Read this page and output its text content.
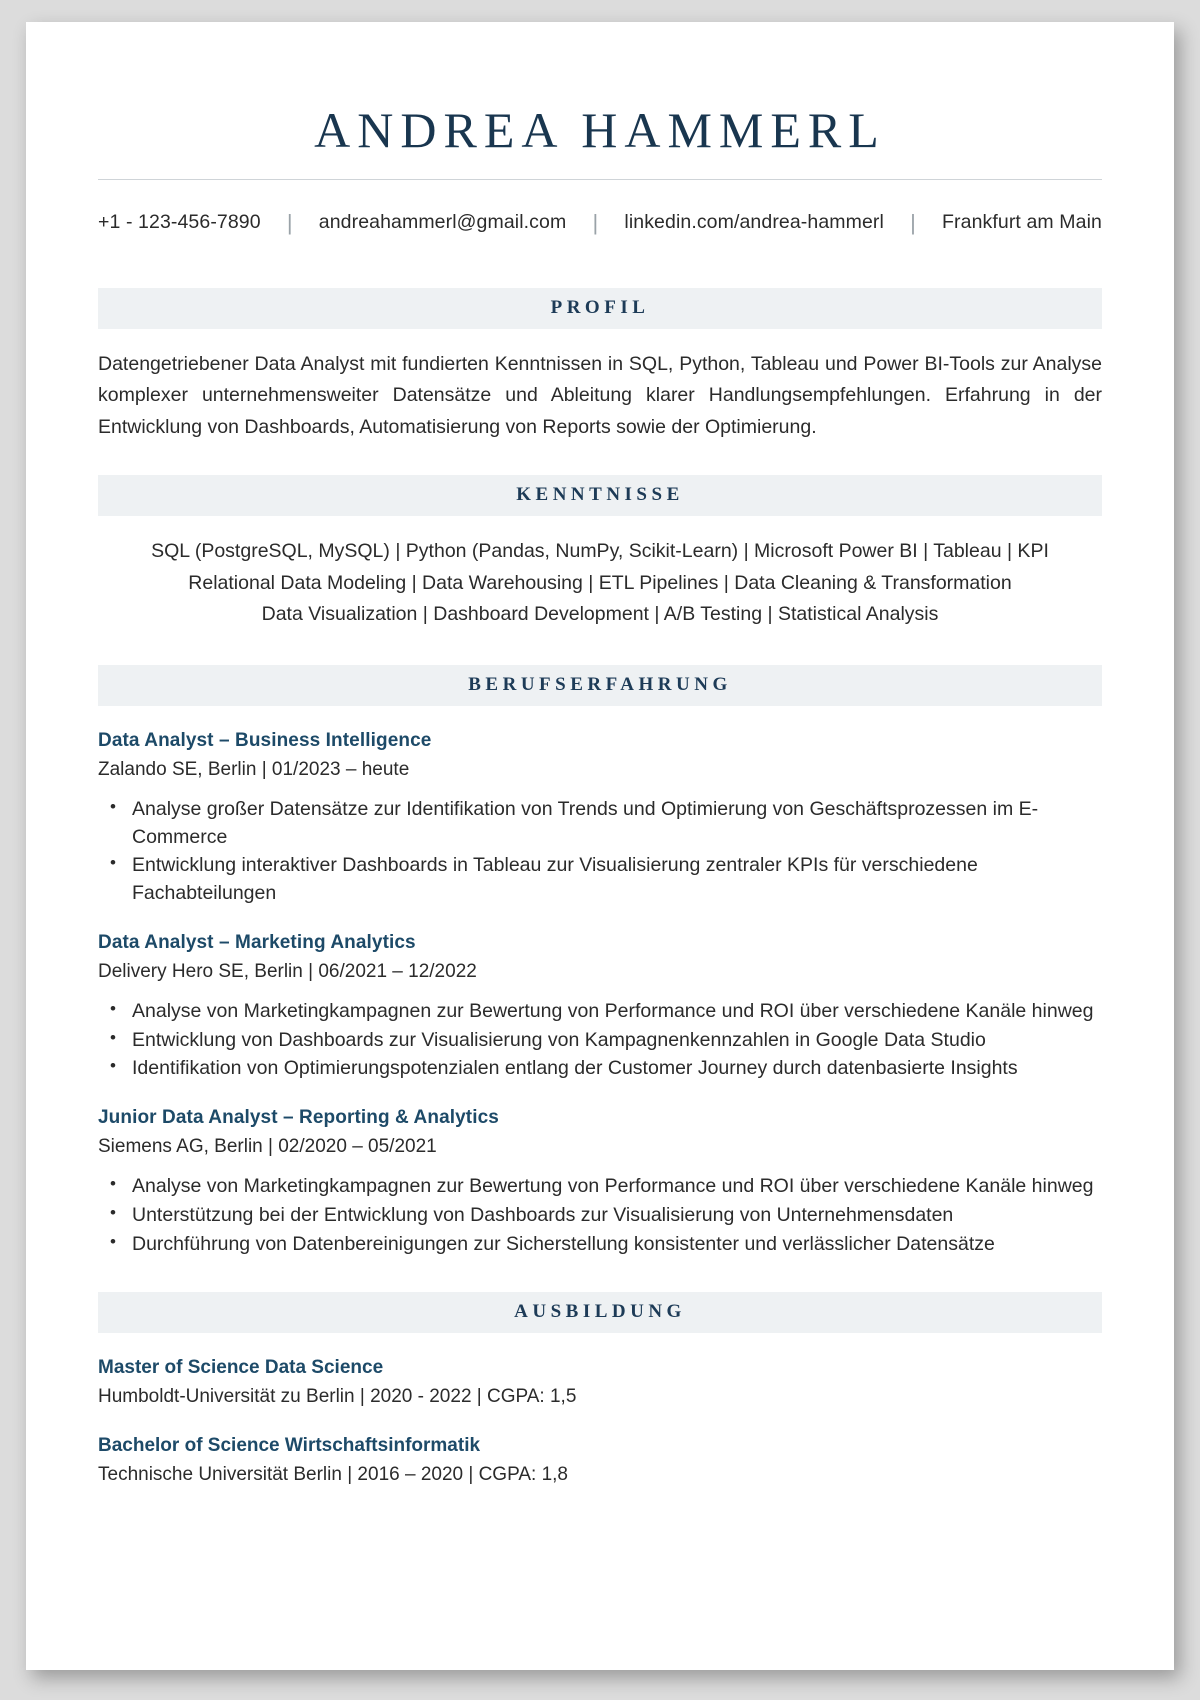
ANDREA HAMMERL
+1 - 123-456-7890 | andreahammerl@gmail.com | linkedin.com/andrea-hammerl | Frankfurt am Main
PROFIL

Datengetriebener Data Analyst mit fundierten Kenntnissen in SQL, Python, Tableau und Power BI-Tools zur Analyse komplexer unternehmensweiter Datensätze und Ableitung klarer Handlungsempfehlungen. Erfahrung in der Entwicklung von Dashboards, Automatisierung von Reports sowie der Optimierung.

KENNTNISSE
SQL (PostgreSQL, MySQL) | Python (Pandas, NumPy, Scikit-Learn) | Microsoft Power BI | Tableau | KPI
Relational Data Modeling | Data Warehousing | ETL Pipelines | Data Cleaning & Transformation
Data Visualization | Dashboard Development | A/B Testing | Statistical Analysis
BERUFSERFAHRUNG
Data Analyst – Business Intelligence
Zalando SE, Berlin | 01/2023 – heute
• Analyse großer Datensätze zur Identifikation von Trends und Optimierung von Geschäftsprozessen im E-Commerce
• Entwicklung interaktiver Dashboards in Tableau zur Visualisierung zentraler KPIs für verschiedene Fachabteilungen
Data Analyst – Marketing Analytics
Delivery Hero SE, Berlin | 06/2021 – 12/2022
• Analyse von Marketingkampagnen zur Bewertung von Performance und ROI über verschiedene Kanäle hinweg
• Entwicklung von Dashboards zur Visualisierung von Kampagnenkennzahlen in Google Data Studio
• Identifikation von Optimierungspotenzialen entlang der Customer Journey durch datenbasierte Insights
Junior Data Analyst – Reporting & Analytics
Siemens AG, Berlin | 02/2020 – 05/2021
• Analyse von Marketingkampagnen zur Bewertung von Performance und ROI über verschiedene Kanäle hinweg
• Unterstützung bei der Entwicklung von Dashboards zur Visualisierung von Unternehmensdaten
• Durchführung von Datenbereinigungen zur Sicherstellung konsistenter und verlässlicher Datensätze
AUSBILDUNG
Master of Science Data Science
Humboldt-Universität zu Berlin | 2020 - 2022 | CGPA: 1,5
Bachelor of Science Wirtschaftsinformatik
Technische Universität Berlin | 2016 – 2020 | CGPA: 1,8
